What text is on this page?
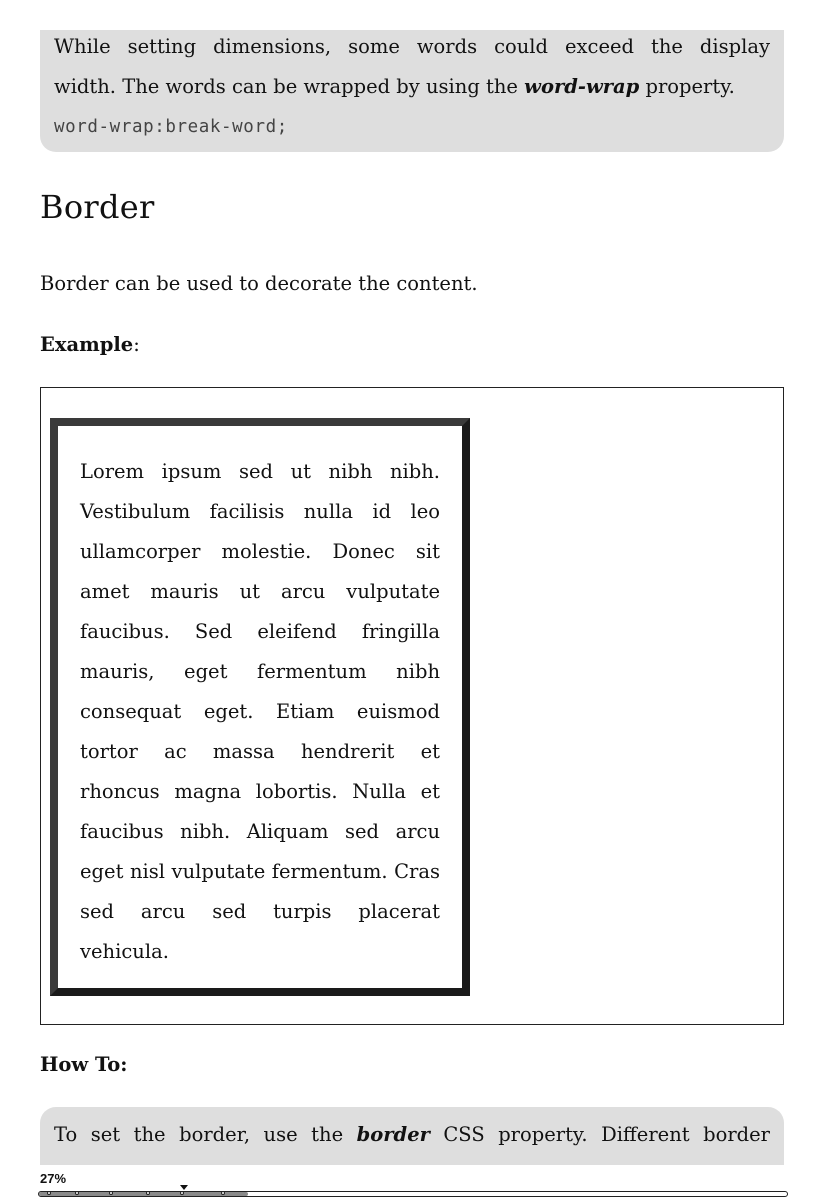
While setting dimensions, some words could exceed the display
width. The words can be wrapped by using the word-wrap property.

word-wrap:break-word;
Border

Border can be used to decorate the content.

Example:

Lorem ipsum sed ut nibh nibh. Vestibulum facilisis nulla id leo ullamcorper molestie. Donec sit amet mauris ut arcu vulputate faucibus. Sed eleifend fringilla mauris, eget fermentum nibh consequat eget. Etiam euismod tortor ac massa hendrerit et rhoncus magna lobortis. Nulla et faucibus nibh. Aliquam sed arcu eget nisl vulputate fermentum. Cras sed arcu sed turpis placerat vehicula.

How To:

To set the border, use the border CSS property. Different border

27%
